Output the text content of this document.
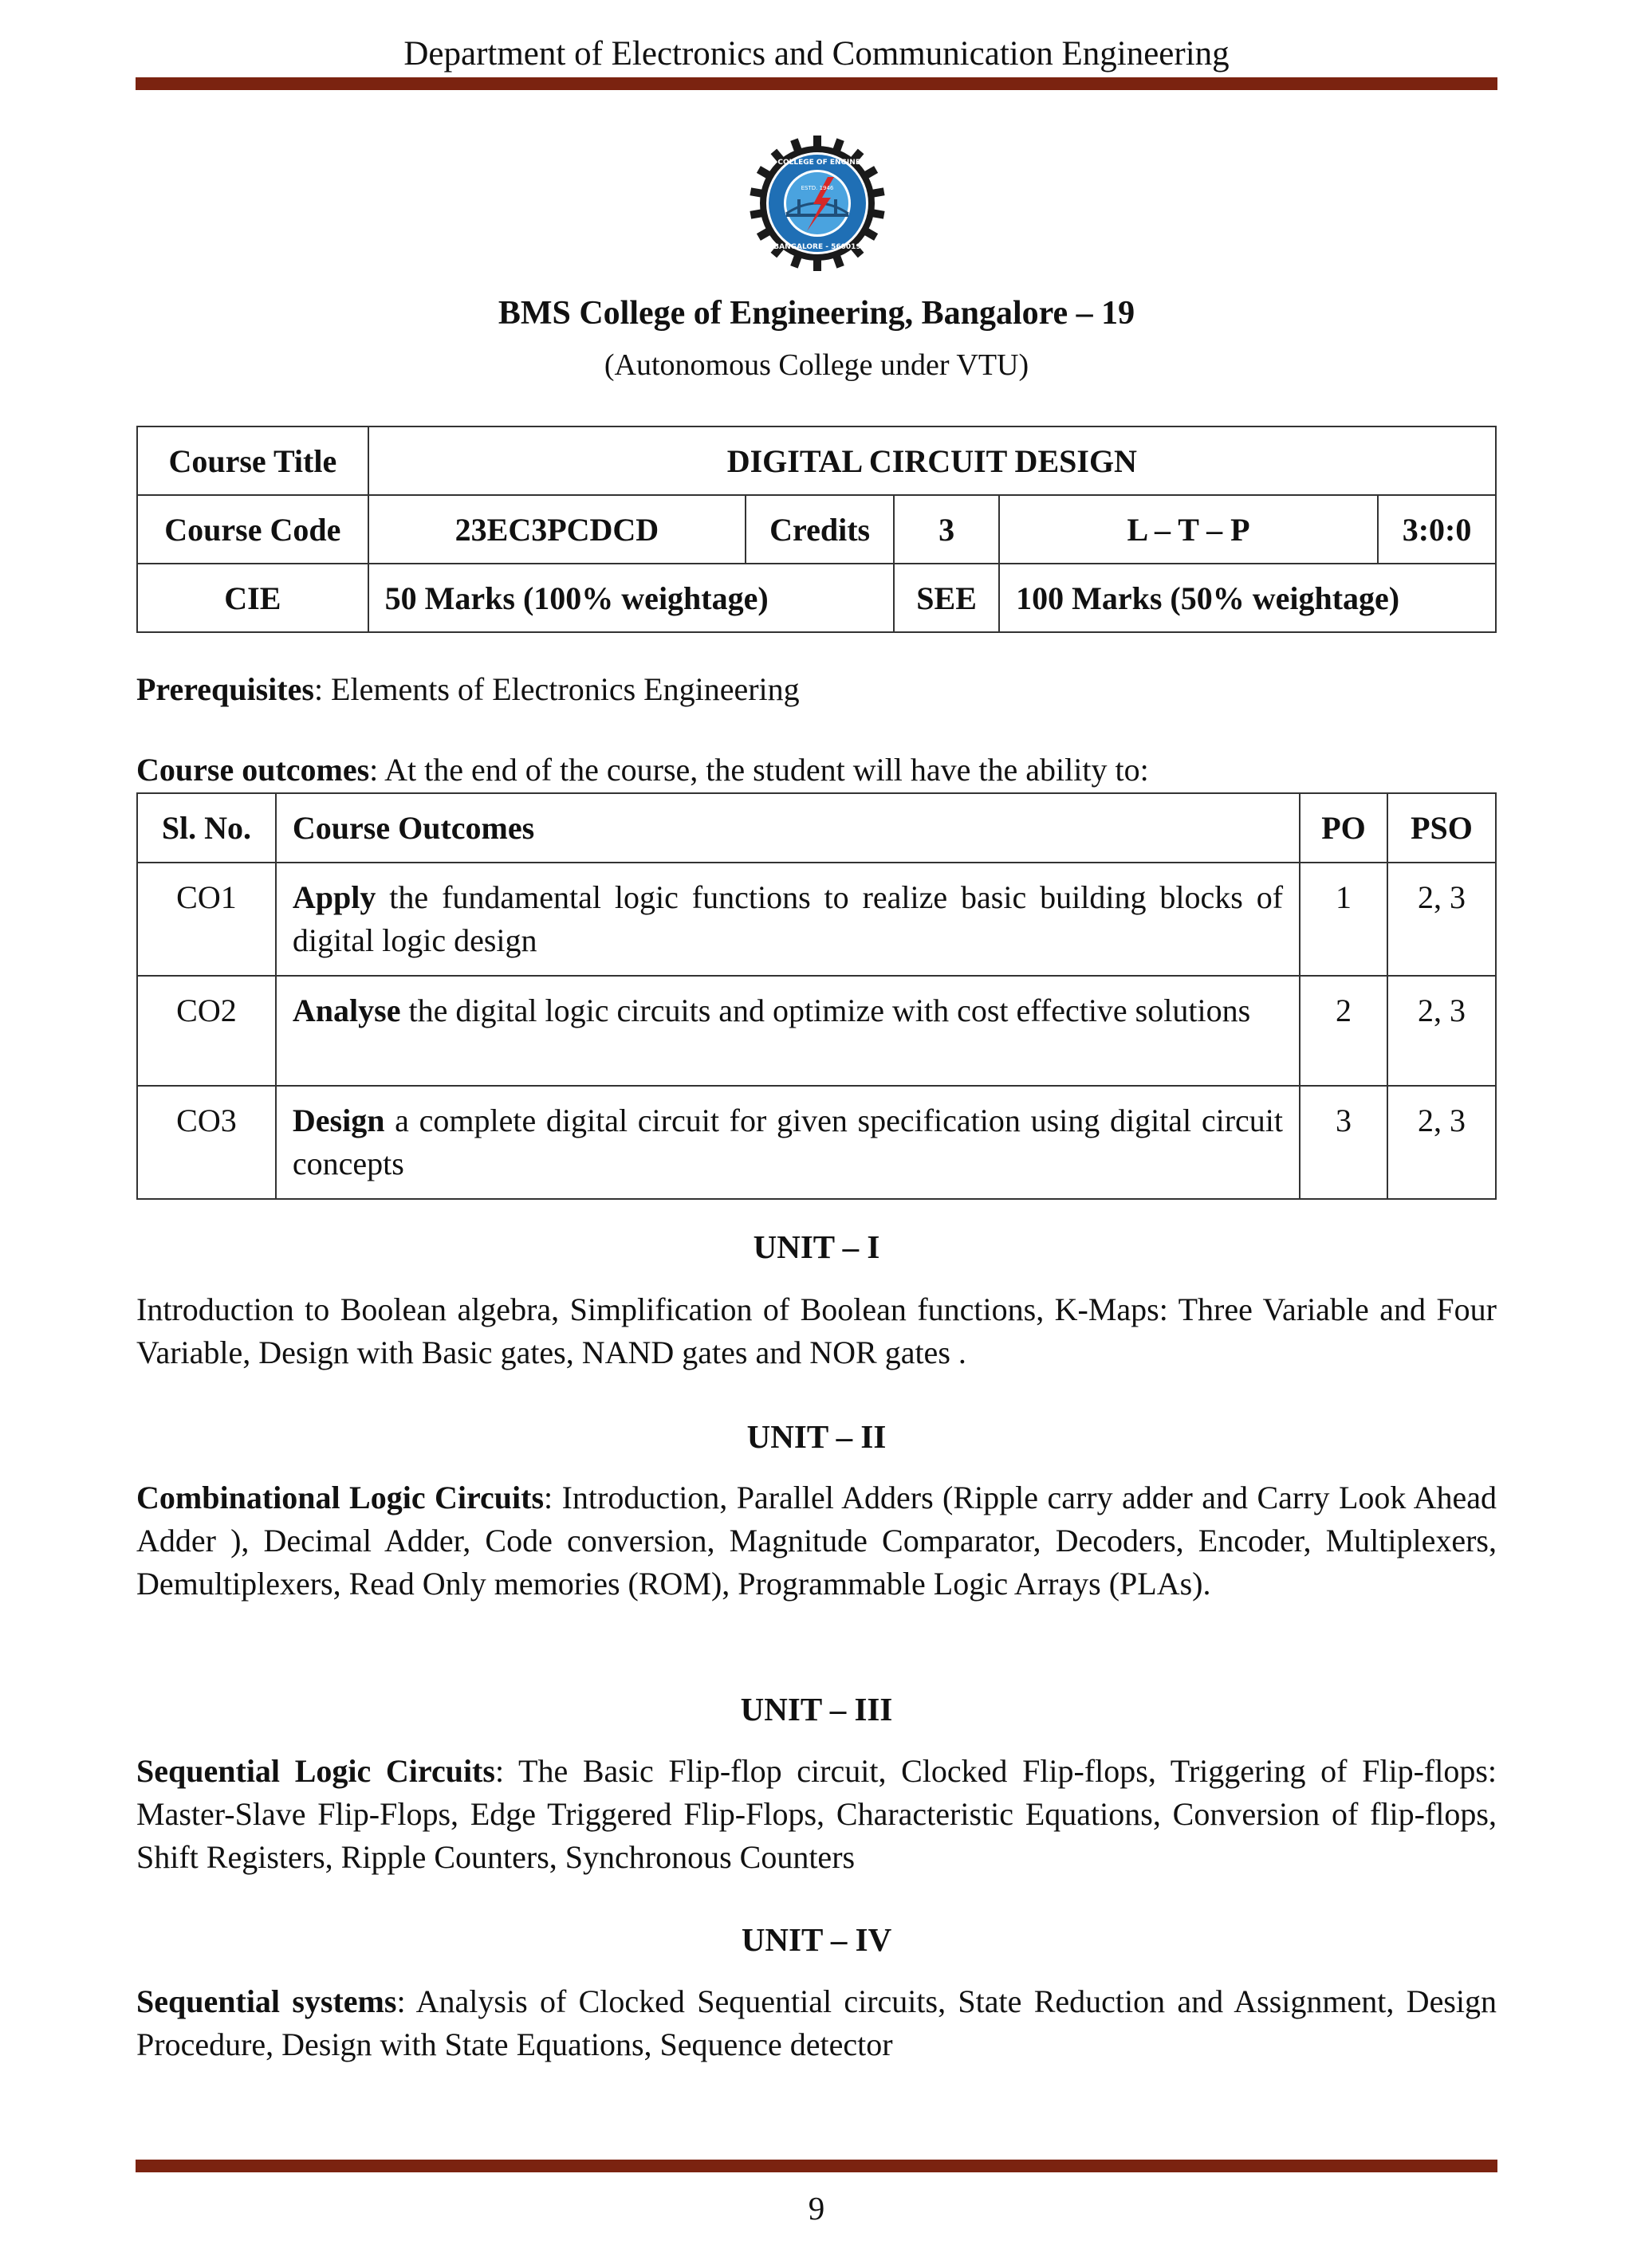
Department of Electronics and Communication Engineering
B.M.S. COLLEGE OF ENGINEERING
BANGALORE - 560019
ESTD. 1946
BMS College of Engineering, Bangalore – 19
(Autonomous College under VTU)
Course Title	DIGITAL CIRCUIT DESIGN				
Course Code	23EC3PCDCD	Credits	3	L – T – P	3:0:0
CIE	50 Marks (100% weightage)		SEE	100 Marks (50% weightage)	
Prerequisites: Elements of Electronics Engineering
Course outcomes: At the end of the course, the student will have the ability to:
Sl. No.	Course Outcomes	PO	PSO
CO1	Apply the fundamental logic functions to realize basic building blocks of digital logic design	1	2, 3
CO2	Analyse the digital logic circuits and optimize with cost effective solutions	2	2, 3
CO3	Design a complete digital circuit for given specification using digital circuit concepts	3	2, 3
UNIT – I
Introduction to Boolean algebra, Simplification of Boolean functions, K-Maps: Three Variable and Four Variable, Design with Basic gates, NAND gates and NOR gates .
UNIT – II
Combinational Logic Circuits: Introduction, Parallel Adders (Ripple carry adder and Carry Look Ahead Adder ), Decimal Adder, Code conversion, Magnitude Comparator, Decoders, Encoder, Multiplexers, Demultiplexers, Read Only memories (ROM), Programmable Logic Arrays (PLAs).
UNIT – III
Sequential Logic Circuits: The Basic Flip-flop circuit, Clocked Flip-flops, Triggering of Flip-flops: Master-Slave Flip-Flops, Edge Triggered Flip-Flops, Characteristic Equations, Conversion of flip-flops, Shift Registers, Ripple Counters, Synchronous Counters
UNIT – IV
Sequential systems: Analysis of Clocked Sequential circuits, State Reduction and Assignment, Design Procedure, Design with State Equations, Sequence detector
9
